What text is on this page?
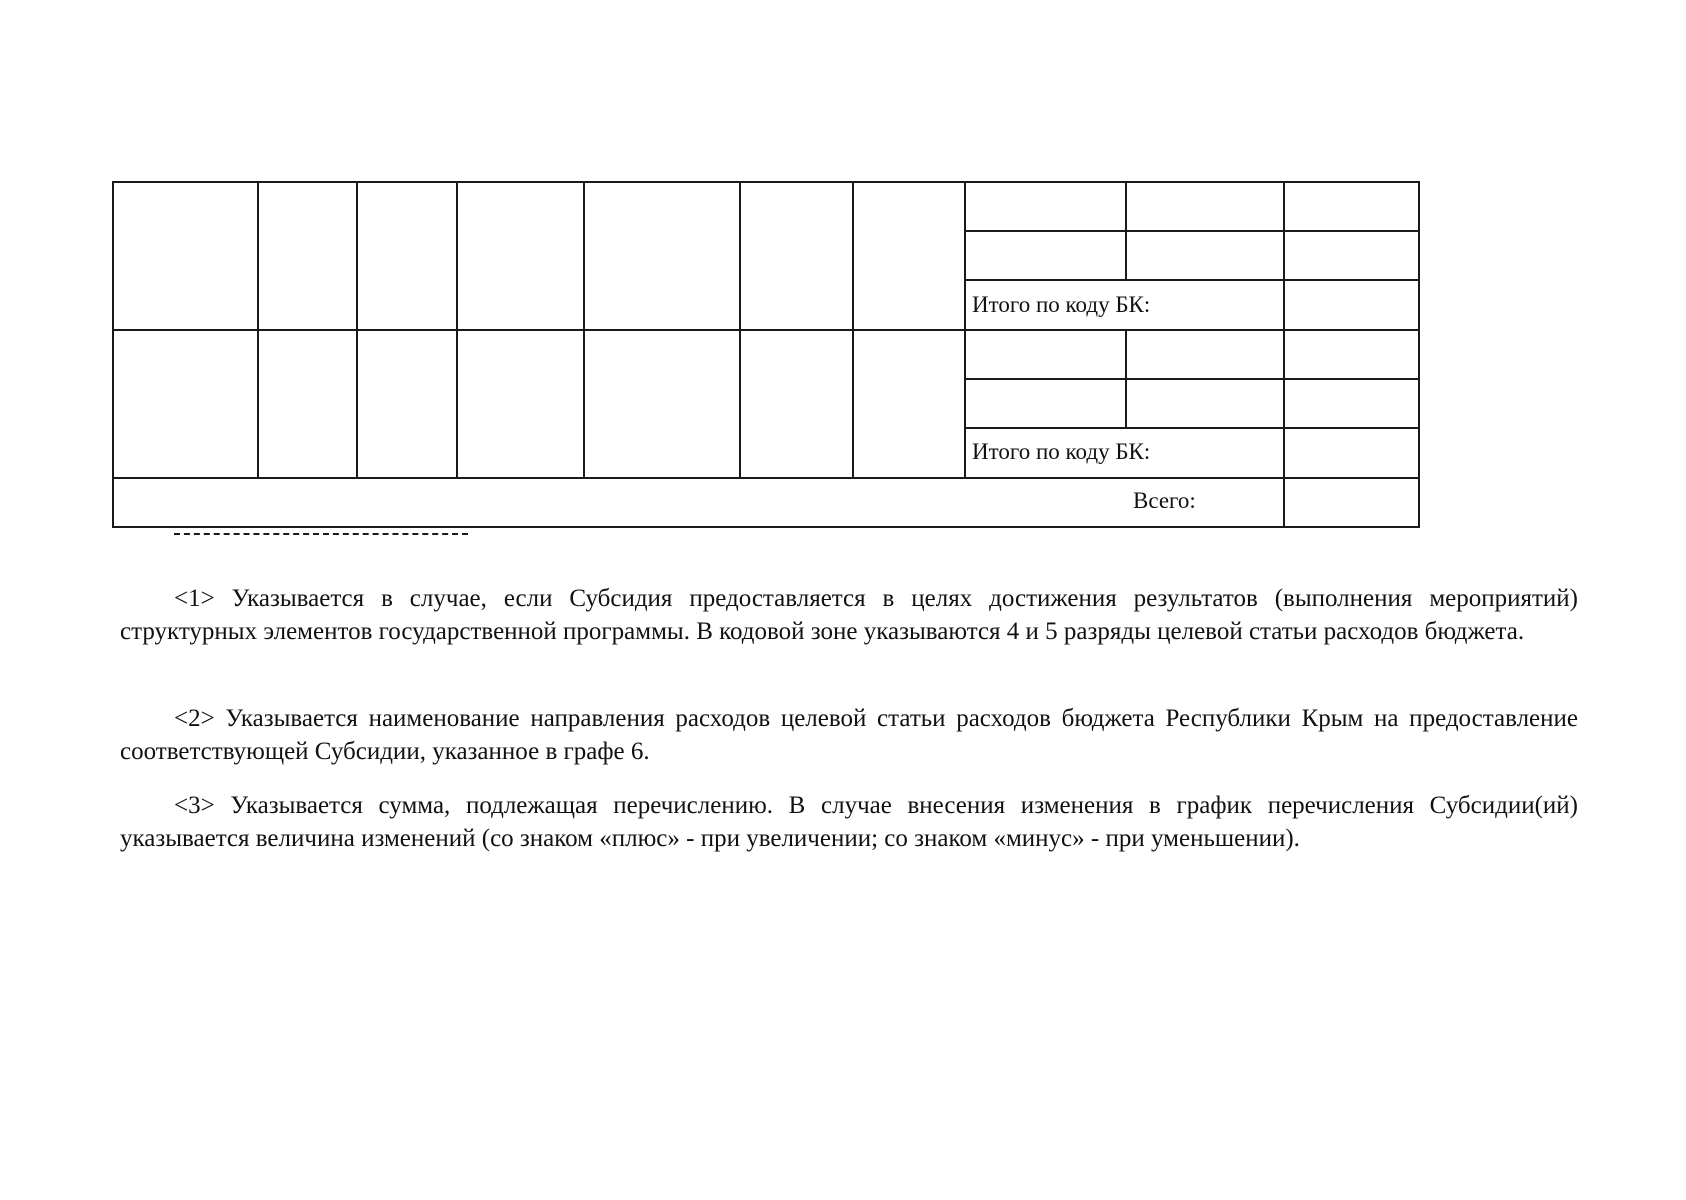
Итого по коду БК:
Итого по коду БК:
Всего:

<1> Указывается в случае, если Субсидия предоставляется в целях достижения результатов (выполнения мероприятий) структурных элементов государственной программы. В кодовой зоне указываются 4 и 5 разряды целевой статьи расходов бюджета.

<2> Указывается наименование направления расходов целевой статьи расходов бюджета Республики Крым на предоставление соответствующей Субсидии, указанное в графе 6.

<3> Указывается сумма, подлежащая перечислению. В случае внесения изменения в график перечисления Субсидии(ий) указывается величина изменений (со знаком «плюс» - при увеличении; со знаком «минус» - при уменьшении).
